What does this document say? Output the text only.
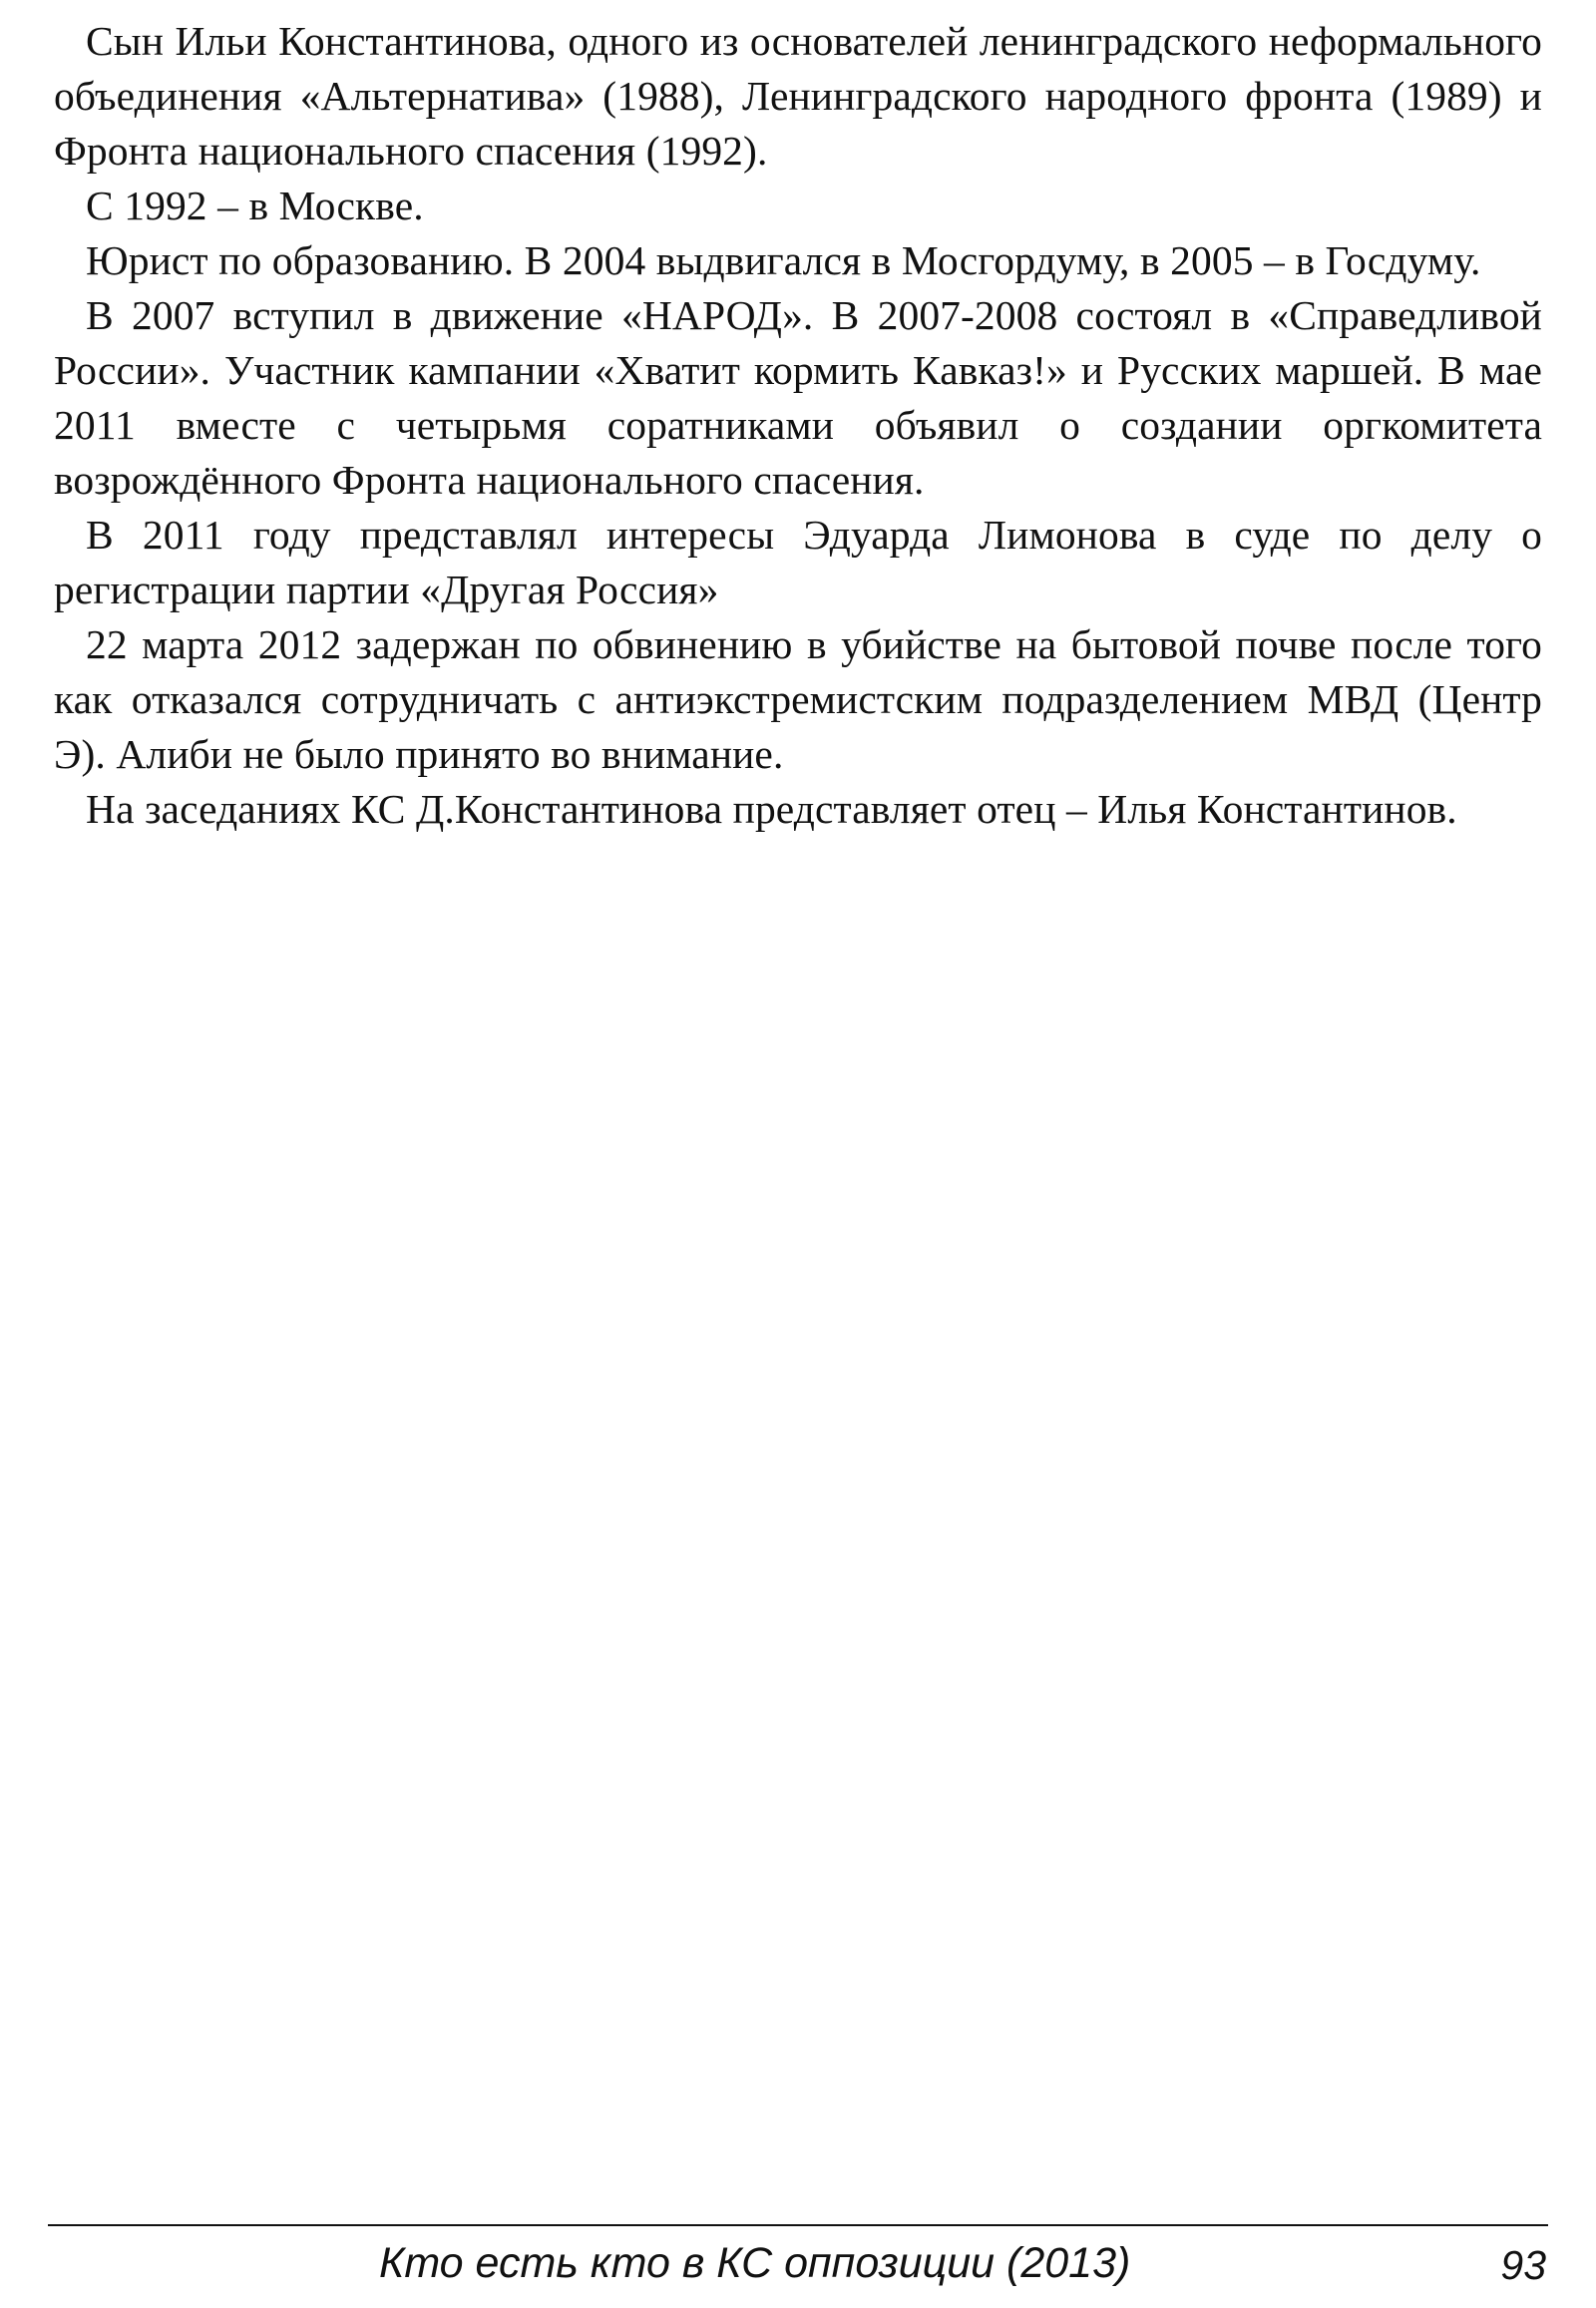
Сын Ильи Константинова, одного из основателей ленинградского неформального объединения «Альтернатива» (1988), Ленинградского народного фронта (1989) и Фронта национального спасения (1992).

С 1992 – в Москве.

Юрист по образованию. В 2004 выдвигался в Мосгордуму, в 2005 – в Госдуму.

В 2007 вступил в движение «НАРОД». В 2007-2008 состоял в «Справедливой России». Участник кампании «Хватит кормить Кавказ!» и Русских маршей. В мае 2011 вместе с четырьмя соратниками объявил о создании оргкомитета возрождённого Фронта национального спасения.

В 2011 году представлял интересы Эдуарда Лимонова в суде по делу о регистрации партии «Другая Россия»

22 марта 2012 задержан по обвинению в убийстве на бытовой почве после того как отказался сотрудничать с антиэкстремистским подразделением МВД (Центр Э). Алиби не было принято во внимание.

На заседаниях КС Д.Константинова представляет отец – Илья Константинов.

Кто есть кто в КС оппозиции (2013)	93
